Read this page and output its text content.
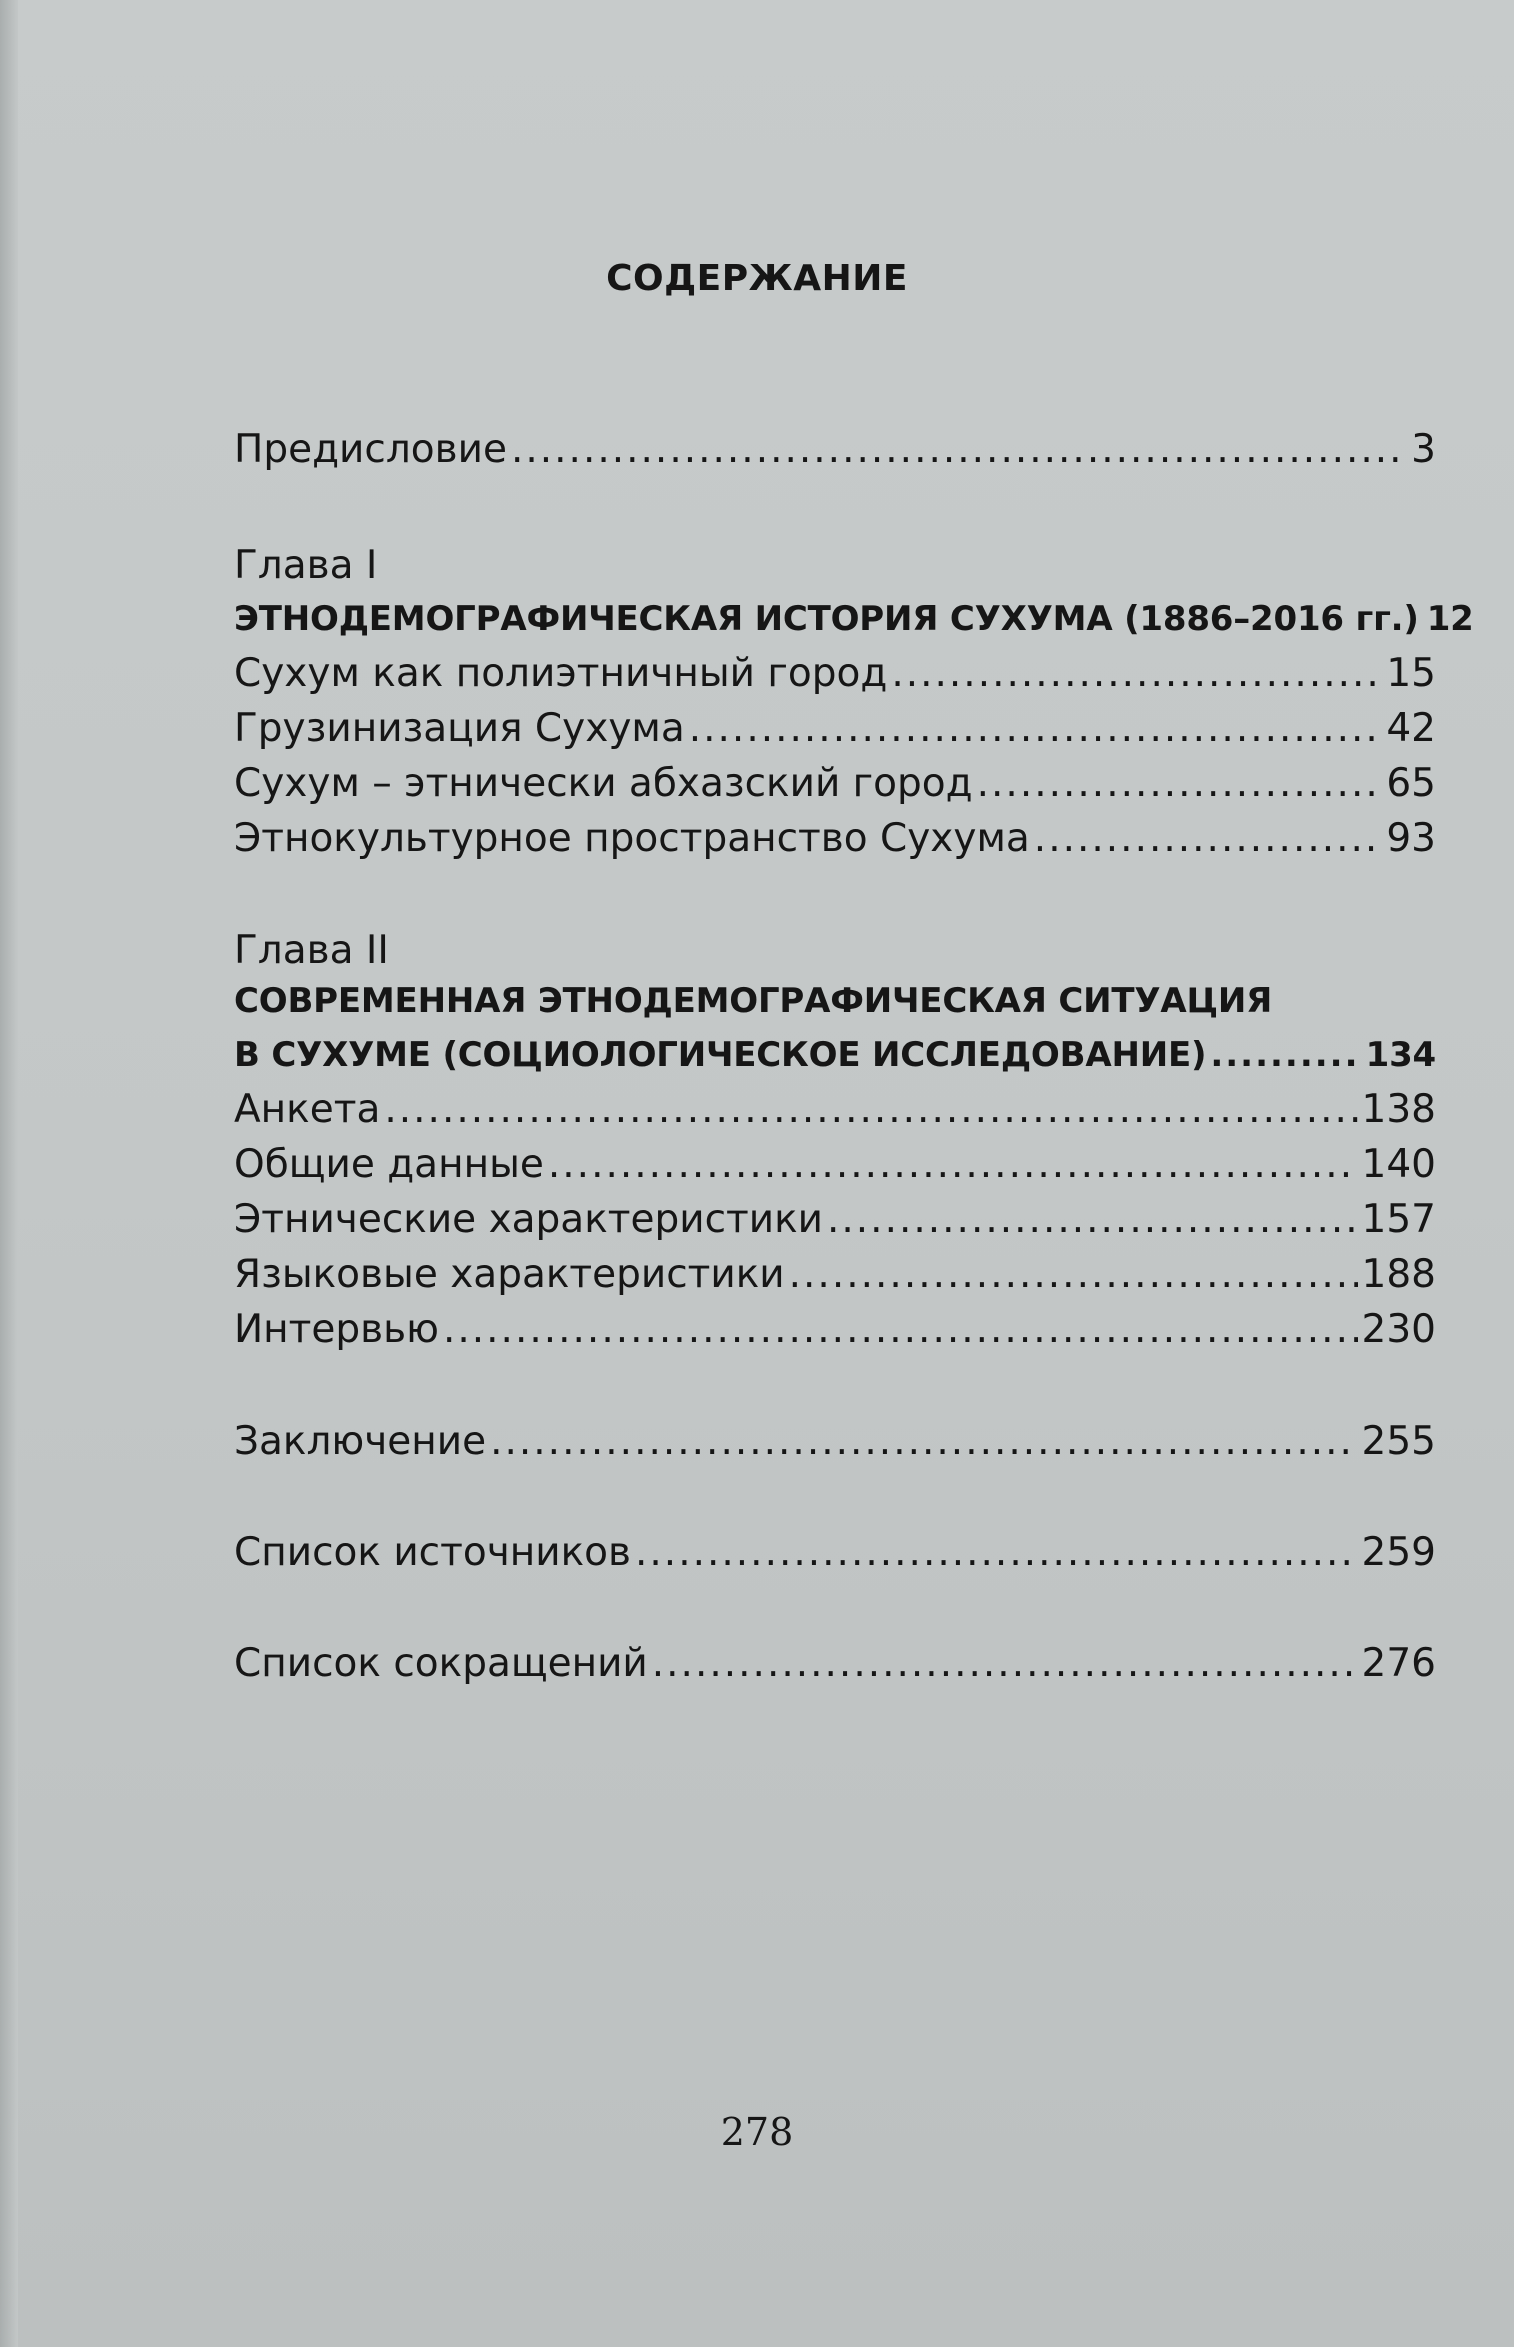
СОДЕРЖАНИЕ
Предисловие .....	3
Глава I
ЭТНОДЕМОГРАФИЧЕСКАЯ ИСТОРИЯ СУХУМА (1886–2016 гг.) 12
Сухум как полиэтничный город .....	15
Грузинизация Сухума .....	42
Сухум – этнически абхазский город .....	65
Этнокультурное пространство Сухума .....	93
Глава II
СОВРЕМЕННАЯ ЭТНОДЕМОГРАФИЧЕСКАЯ СИТУАЦИЯ
В СУХУМЕ (СОЦИОЛОГИЧЕСКОЕ ИССЛЕДОВАНИЕ) .....	134
Анкета .....	138
Общие данные .....	140
Этнические характеристики .....	157
Языковые характеристики .....	188
Интервью .....	230
Заключение .....	255
Список источников .....	259
Список сокращений .....	276
278
